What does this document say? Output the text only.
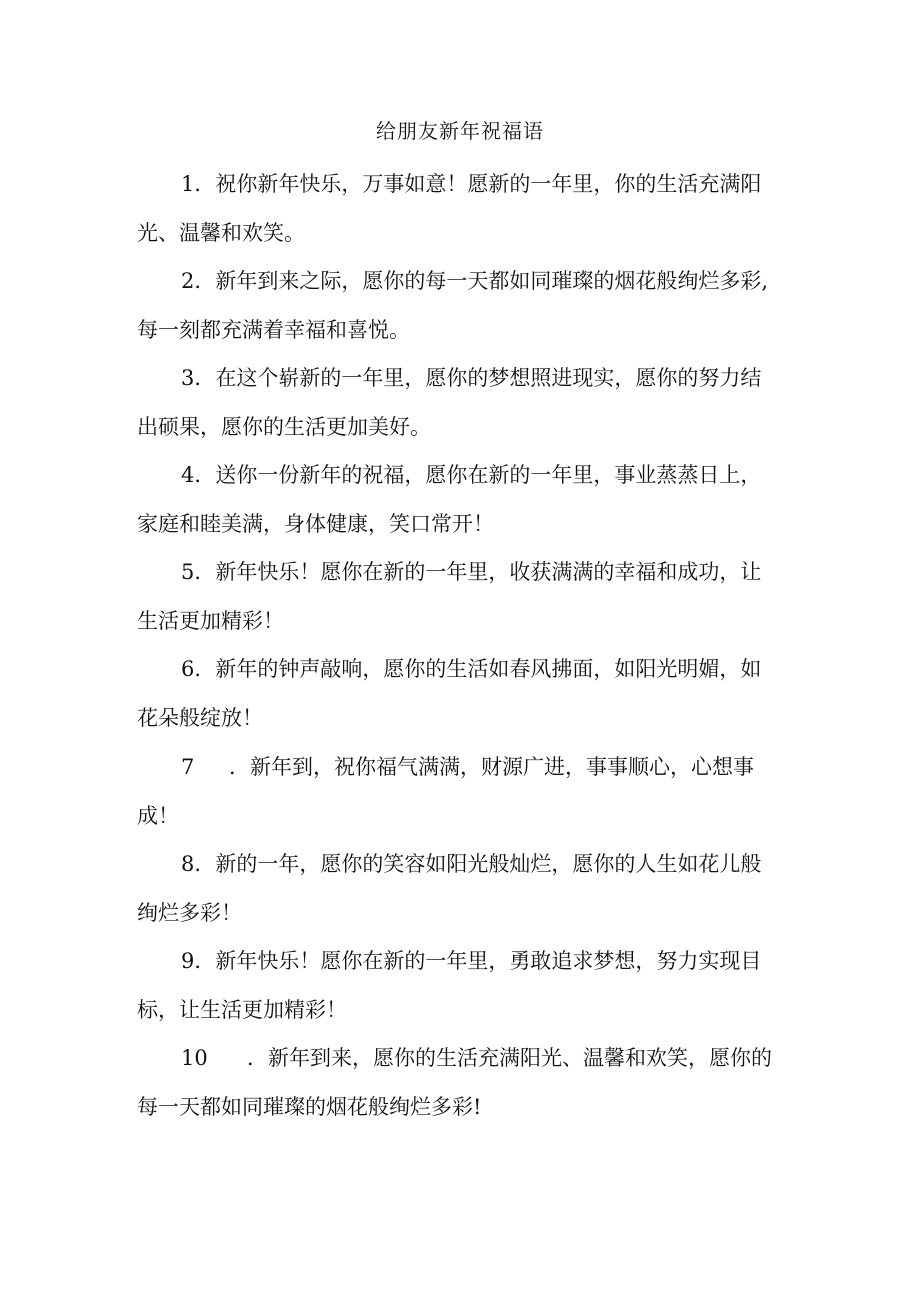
给朋友新年祝福语
1．祝你新年快乐，万事如意！愿新的一年里，你的生活充满阳
光、温馨和欢笑。
2．新年到来之际，愿你的每一天都如同璀璨的烟花般绚烂多彩,
每一刻都充满着幸福和喜悦。
3．在这个崭新的一年里，愿你的梦想照进现实，愿你的努力结
出硕果，愿你的生活更加美好。
4．送你一份新年的祝福，愿你在新的一年里，事业蒸蒸日上，
家庭和睦美满，身体健康，笑口常开！
5．新年快乐！愿你在新的一年里，收获满满的幸福和成功，让
生活更加精彩！
6．新年的钟声敲响，愿你的生活如春风拂面，如阳光明媚，如
花朵般绽放！
7 ．新年到，祝你福气满满，财源广进，事事顺心，心想事
成！
8．新的一年，愿你的笑容如阳光般灿烂，愿你的人生如花儿般
绚烂多彩！
9．新年快乐！愿你在新的一年里，勇敢追求梦想，努力实现目
标，让生活更加精彩！
10 ．新年到来，愿你的生活充满阳光、温馨和欢笑，愿你的
每一天都如同璀璨的烟花般绚烂多彩!
